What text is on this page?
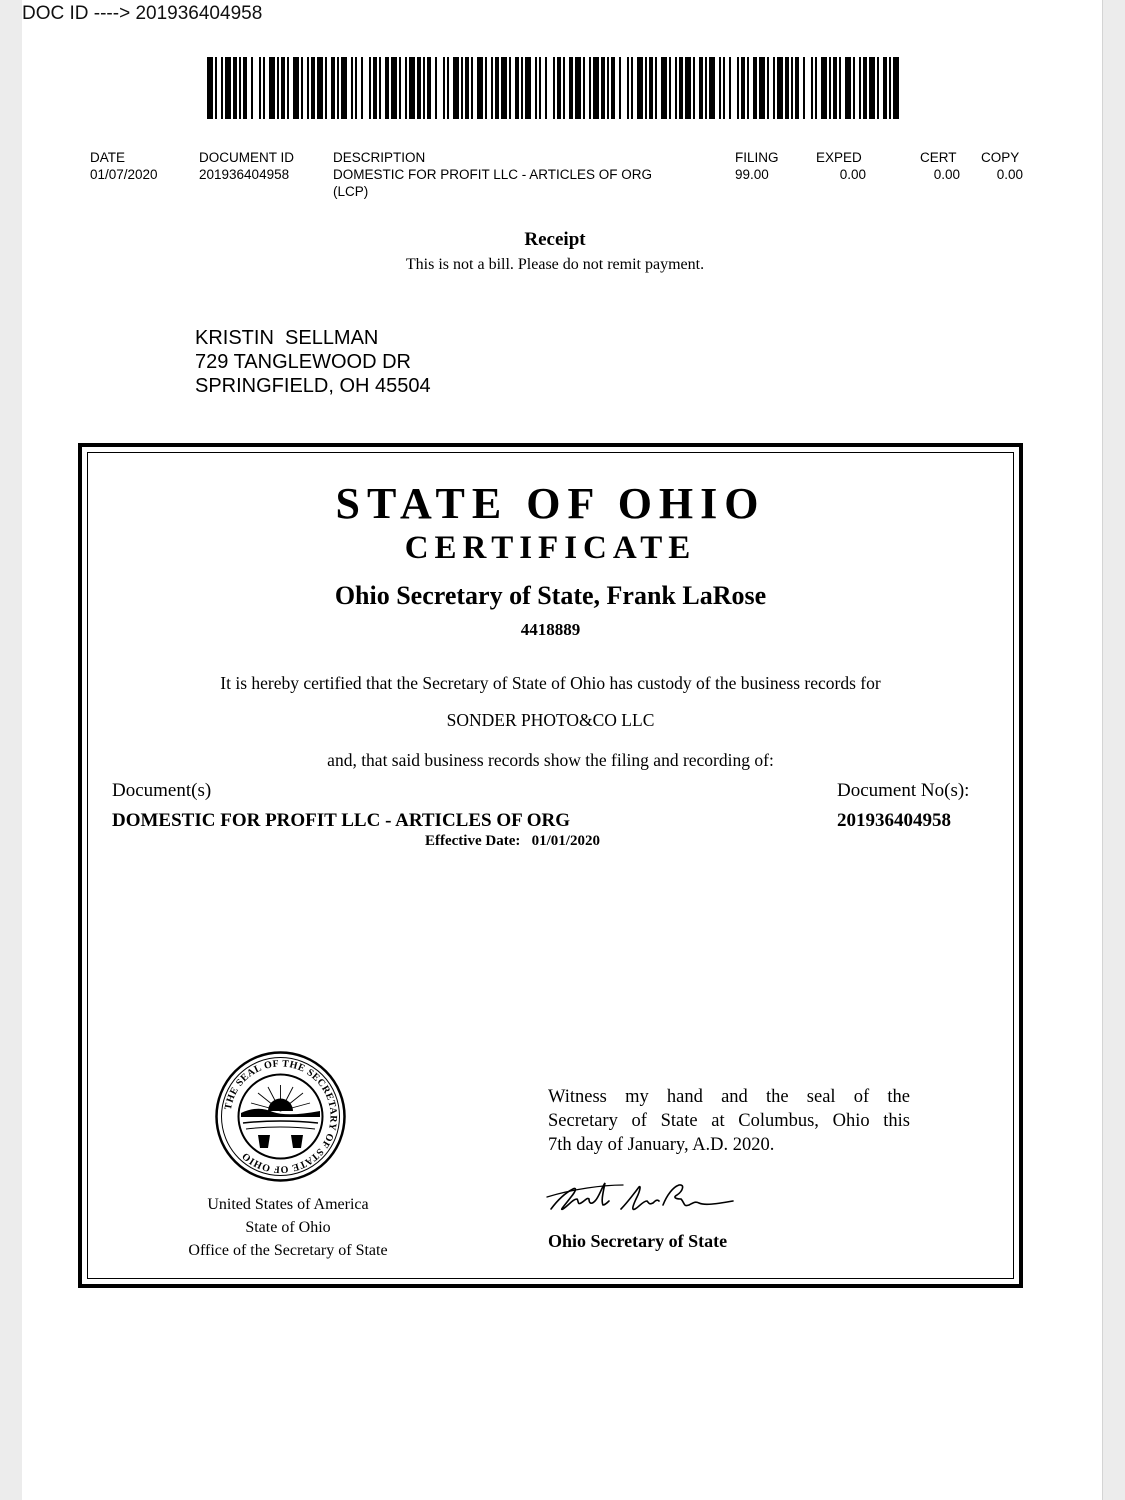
DOC ID ----> 201936404958
DATE
01/07/2020
DOCUMENT ID
201936404958
DESCRIPTION
DOMESTIC FOR PROFIT LLC - ARTICLES OF ORG (LCP)
FILING
99.00
EXPED
0.00
CERT
0.00
COPY
0.00
Receipt
This is not a bill. Please do not remit payment.
KRISTIN  SELLMAN
729 TANGLEWOOD DR
SPRINGFIELD, OH 45504
STATE OF OHIO
CERTIFICATE
Ohio Secretary of State, Frank LaRose
4418889
It is hereby certified that the Secretary of State of Ohio has custody of the business records for
SONDER PHOTO&CO LLC
and, that said business records show the filing and recording of:
Document(s)
DOMESTIC FOR PROFIT LLC - ARTICLES OF ORG
Effective Date:   01/01/2020
Document No(s):
201936404958
THE SEAL OF THE SECRETARY OF STATE OF OHIO
United States of America
State of Ohio
Office of the Secretary of State
Witness my hand and the seal of the
Secretary of State at Columbus, Ohio this
7th day of January, A.D. 2020.
Ohio Secretary of State
